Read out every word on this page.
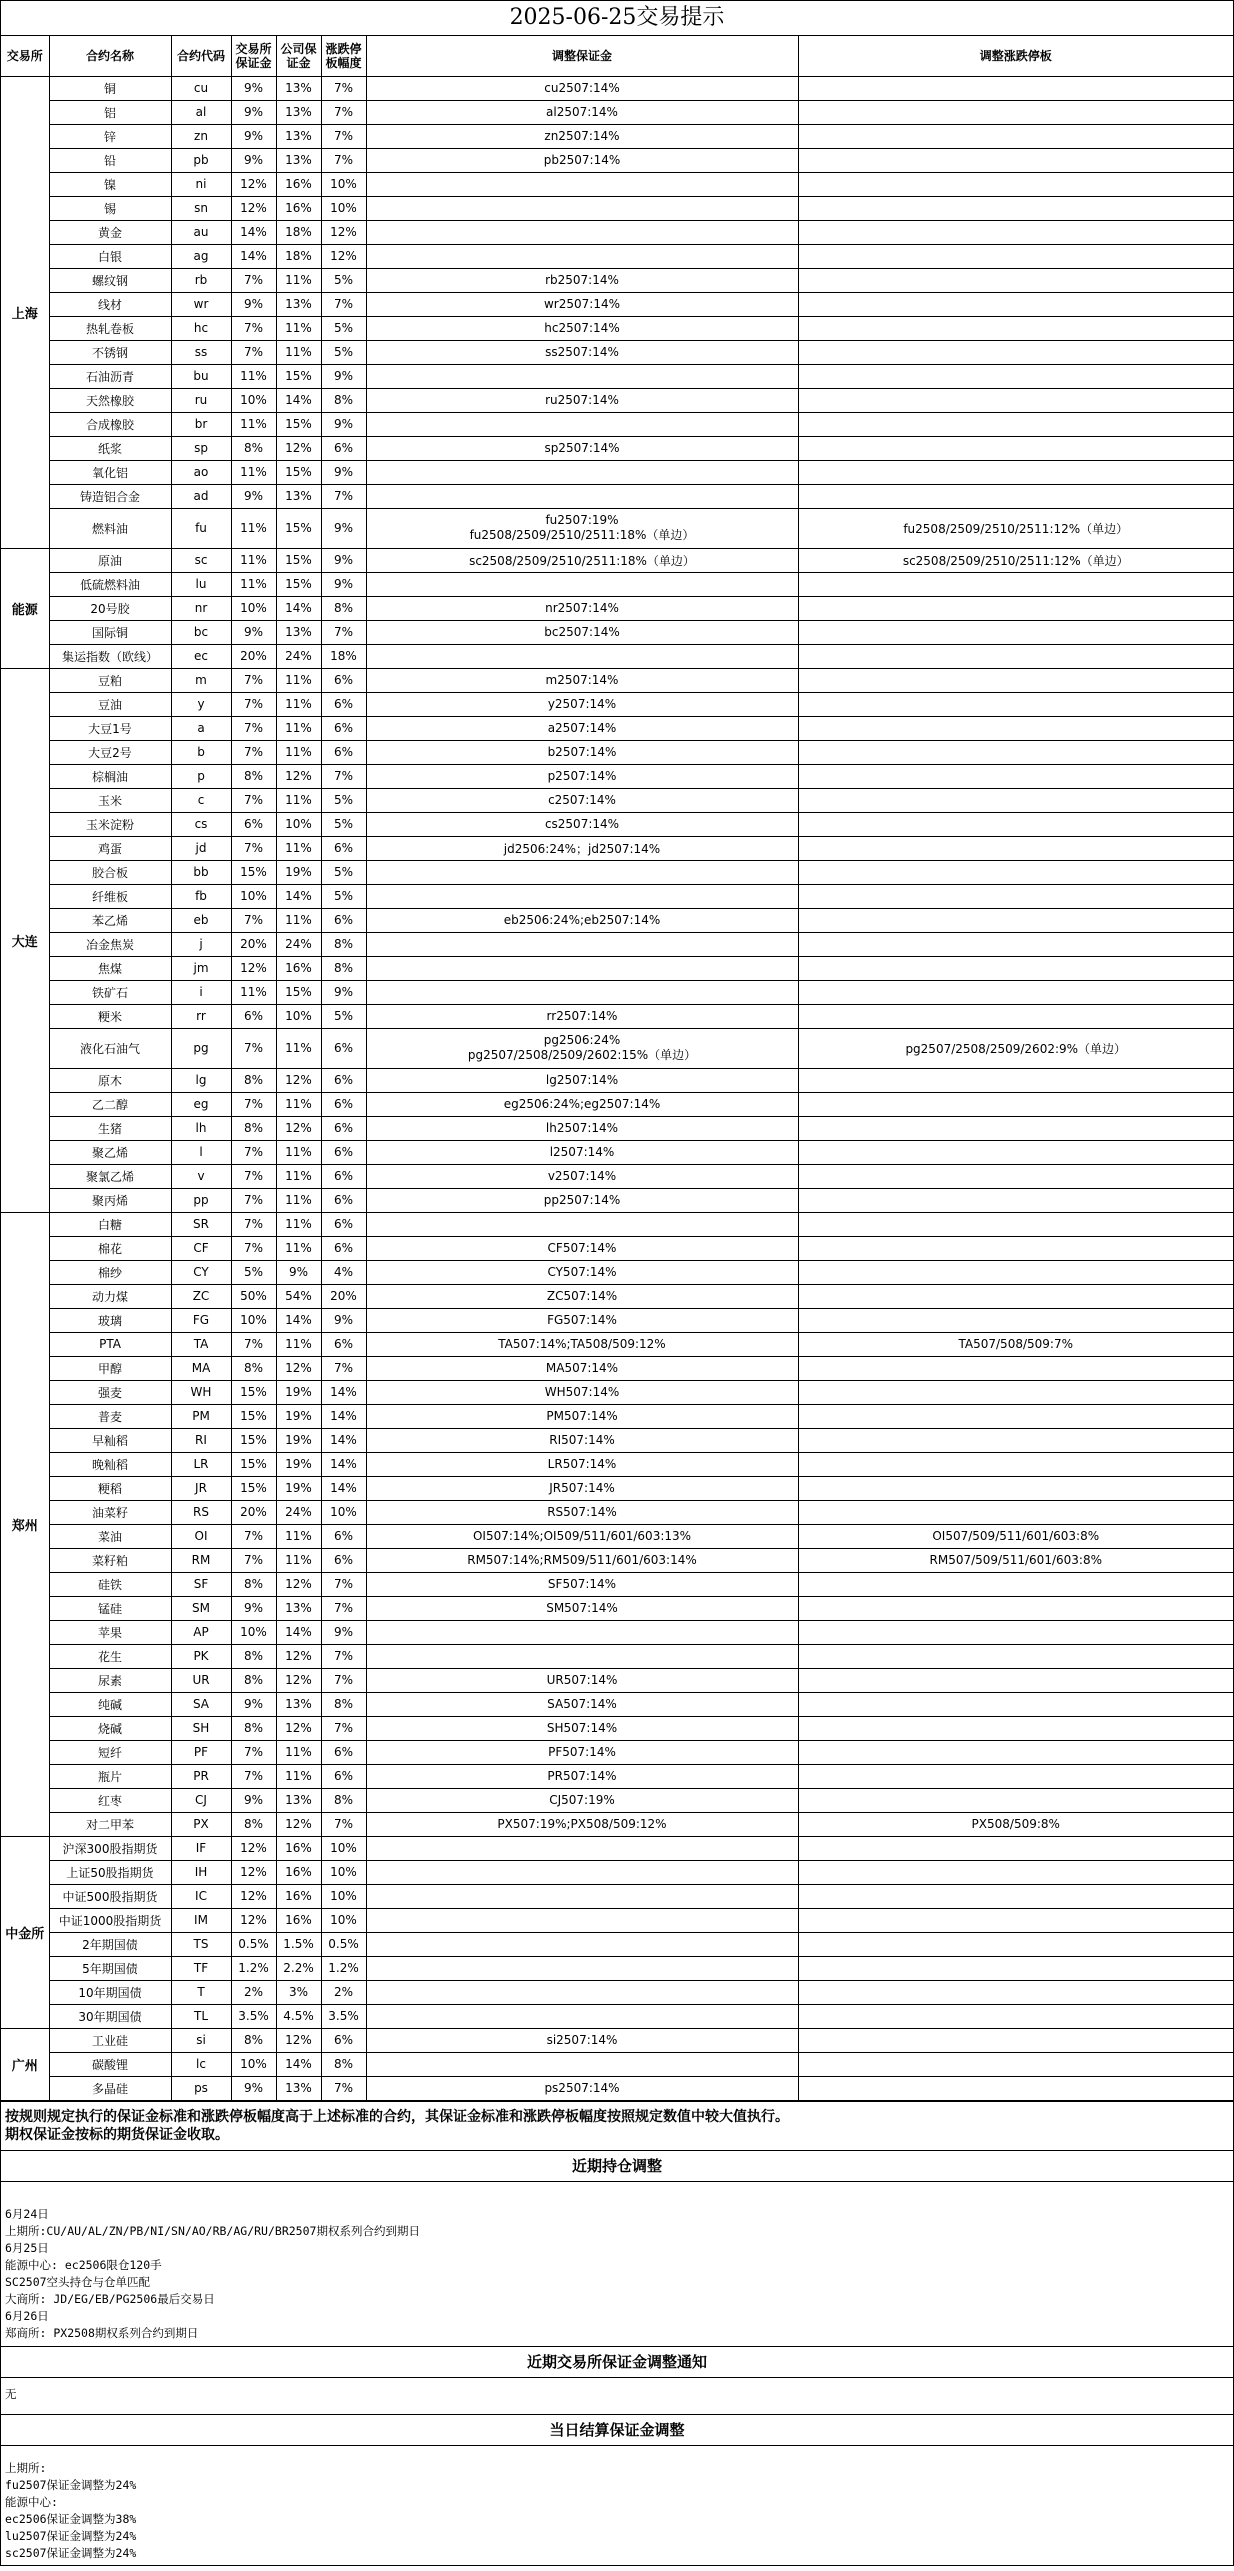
2025-06-25交易提示
交易所	合约名称	合约代码	交易所保证金	公司保证金	涨跌停板幅度	调整保证金	调整涨跌停板
上海	铜	cu	9%	13%	7%	cu2507:14%	
	铝	al	9%	13%	7%	al2507:14%	
	锌	zn	9%	13%	7%	zn2507:14%	
	铅	pb	9%	13%	7%	pb2507:14%	
	镍	ni	12%	16%	10%		
	锡	sn	12%	16%	10%		
	黄金	au	14%	18%	12%		
	白银	ag	14%	18%	12%		
	螺纹钢	rb	7%	11%	5%	rb2507:14%	
	线材	wr	9%	13%	7%	wr2507:14%	
	热轧卷板	hc	7%	11%	5%	hc2507:14%	
	不锈钢	ss	7%	11%	5%	ss2507:14%	
	石油沥青	bu	11%	15%	9%		
	天然橡胶	ru	10%	14%	8%	ru2507:14%	
	合成橡胶	br	11%	15%	9%		
	纸浆	sp	8%	12%	6%	sp2507:14%	
	氧化铝	ao	11%	15%	9%		
	铸造铝合金	ad	9%	13%	7%		
	燃料油	fu	11%	15%	9%	fu2507:19%
fu2508/2509/2510/2511:18%（单边）	fu2508/2509/2510/2511:12%（单边）
能源	原油	sc	11%	15%	9%	sc2508/2509/2510/2511:18%（单边）	sc2508/2509/2510/2511:12%（单边）
	低硫燃料油	lu	11%	15%	9%		
	20号胶	nr	10%	14%	8%	nr2507:14%	
	国际铜	bc	9%	13%	7%	bc2507:14%	
	集运指数（欧线）	ec	20%	24%	18%		
大连	豆粕	m	7%	11%	6%	m2507:14%	
	豆油	y	7%	11%	6%	y2507:14%	
	大豆1号	a	7%	11%	6%	a2507:14%	
	大豆2号	b	7%	11%	6%	b2507:14%	
	棕榈油	p	8%	12%	7%	p2507:14%	
	玉米	c	7%	11%	5%	c2507:14%	
	玉米淀粉	cs	6%	10%	5%	cs2507:14%	
	鸡蛋	jd	7%	11%	6%	jd2506:24%；jd2507:14%	
	胶合板	bb	15%	19%	5%		
	纤维板	fb	10%	14%	5%		
	苯乙烯	eb	7%	11%	6%	eb2506:24%;eb2507:14%	
	冶金焦炭	j	20%	24%	8%		
	焦煤	jm	12%	16%	8%		
	铁矿石	i	11%	15%	9%		
	粳米	rr	6%	10%	5%	rr2507:14%	
	液化石油气	pg	7%	11%	6%	pg2506:24%
pg2507/2508/2509/2602:15%（单边）	pg2507/2508/2509/2602:9%（单边）
	原木	lg	8%	12%	6%	lg2507:14%	
	乙二醇	eg	7%	11%	6%	eg2506:24%;eg2507:14%	
	生猪	lh	8%	12%	6%	lh2507:14%	
	聚乙烯	l	7%	11%	6%	l2507:14%	
	聚氯乙烯	v	7%	11%	6%	v2507:14%	
	聚丙烯	pp	7%	11%	6%	pp2507:14%	
郑州	白糖	SR	7%	11%	6%		
	棉花	CF	7%	11%	6%	CF507:14%	
	棉纱	CY	5%	9%	4%	CY507:14%	
	动力煤	ZC	50%	54%	20%	ZC507:14%	
	玻璃	FG	10%	14%	9%	FG507:14%	
	PTA	TA	7%	11%	6%	TA507:14%;TA508/509:12%	TA507/508/509:7%
	甲醇	MA	8%	12%	7%	MA507:14%	
	强麦	WH	15%	19%	14%	WH507:14%	
	普麦	PM	15%	19%	14%	PM507:14%	
	早籼稻	RI	15%	19%	14%	RI507:14%	
	晚籼稻	LR	15%	19%	14%	LR507:14%	
	粳稻	JR	15%	19%	14%	JR507:14%	
	油菜籽	RS	20%	24%	10%	RS507:14%	
	菜油	OI	7%	11%	6%	OI507:14%;OI509/511/601/603:13%	OI507/509/511/601/603:8%
	菜籽粕	RM	7%	11%	6%	RM507:14%;RM509/511/601/603:14%	RM507/509/511/601/603:8%
	硅铁	SF	8%	12%	7%	SF507:14%	
	锰硅	SM	9%	13%	7%	SM507:14%	
	苹果	AP	10%	14%	9%		
	花生	PK	8%	12%	7%		
	尿素	UR	8%	12%	7%	UR507:14%	
	纯碱	SA	9%	13%	8%	SA507:14%	
	烧碱	SH	8%	12%	7%	SH507:14%	
	短纤	PF	7%	11%	6%	PF507:14%	
	瓶片	PR	7%	11%	6%	PR507:14%	
	红枣	CJ	9%	13%	8%	CJ507:19%	
	对二甲苯	PX	8%	12%	7%	PX507:19%;PX508/509:12%	PX508/509:8%
中金所	沪深300股指期货	IF	12%	16%	10%		
	上证50股指期货	IH	12%	16%	10%		
	中证500股指期货	IC	12%	16%	10%		
	中证1000股指期货	IM	12%	16%	10%		
	2年期国债	TS	0.5%	1.5%	0.5%		
	5年期国债	TF	1.2%	2.2%	1.2%		
	10年期国债	T	2%	3%	2%		
	30年期国债	TL	3.5%	4.5%	3.5%		
广州	工业硅	si	8%	12%	6%	si2507:14%	
	碳酸锂	lc	10%	14%	8%		
	多晶硅	ps	9%	13%	7%	ps2507:14%	
按规则规定执行的保证金标准和涨跌停板幅度高于上述标准的合约，其保证金标准和涨跌停板幅度按照规定数值中较大值执行。
期权保证金按标的期货保证金收取。
近期持仓调整
6月24日
上期所:CU/AU/AL/ZN/PB/NI/SN/AO/RB/AG/RU/BR2507期权系列合约到期日
6月25日
能源中心: ec2506限仓120手
SC2507空头持仓与仓单匹配
大商所: JD/EG/EB/PG2506最后交易日
6月26日
郑商所: PX2508期权系列合约到期日
近期交易所保证金调整通知
无
当日结算保证金调整
上期所:
fu2507保证金调整为24%
能源中心:
ec2506保证金调整为38%
lu2507保证金调整为24%
sc2507保证金调整为24%
